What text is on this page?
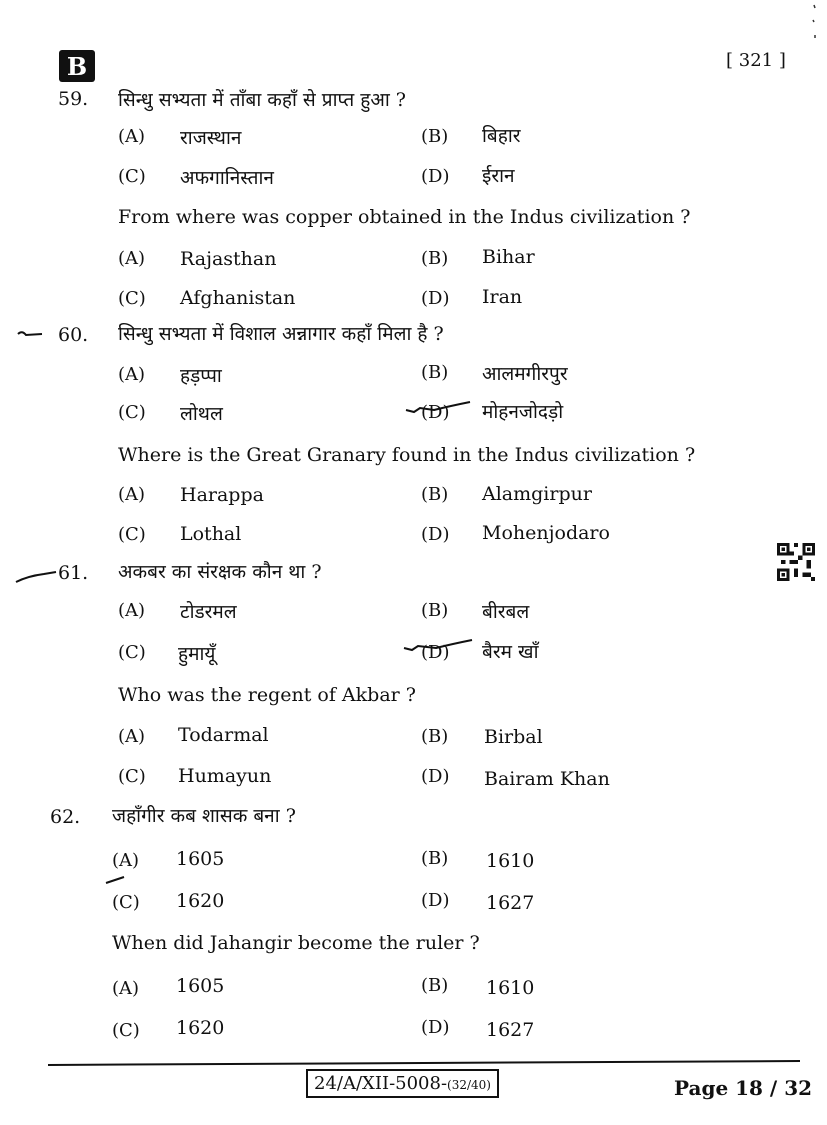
B	[ 321 ]
59. सिन्धु सभ्यता में ताँबा कहाँ से प्राप्त हुआ ?
(A) राजस्थान	(B) बिहार
(C) अफगानिस्तान	(D) ईरान
From where was copper obtained in the Indus civilization ?
(A) Rajasthan	(B) Bihar
(C) Afghanistan	(D) Iran
60. सिन्धु सभ्यता में विशाल अन्नागार कहाँ मिला है ?
(A) हड़प्पा	(B) आलमगीरपुर
(C) लोथल	(D) मोहनजोदड़ो
Where is the Great Granary found in the Indus civilization ?
(A) Harappa	(B) Alamgirpur
(C) Lothal	(D) Mohenjodaro
61. अकबर का संरक्षक कौन था ?
(A) टोडरमल	(B) बीरबल
(C) हुमायूँ	(D) बैरम खाँ
Who was the regent of Akbar ?
(A) Todarmal	(B) Birbal
(C) Humayun	(D) Bairam Khan
62. जहाँगीर कब शासक बना ?
(A) 1605	(B) 1610
(C) 1620	(D) 1627
When did Jahangir become the ruler ?
(A) 1605	(B) 1610
(C) 1620	(D) 1627
24/A/XII-5008-(32/40)	Page 18 / 32
